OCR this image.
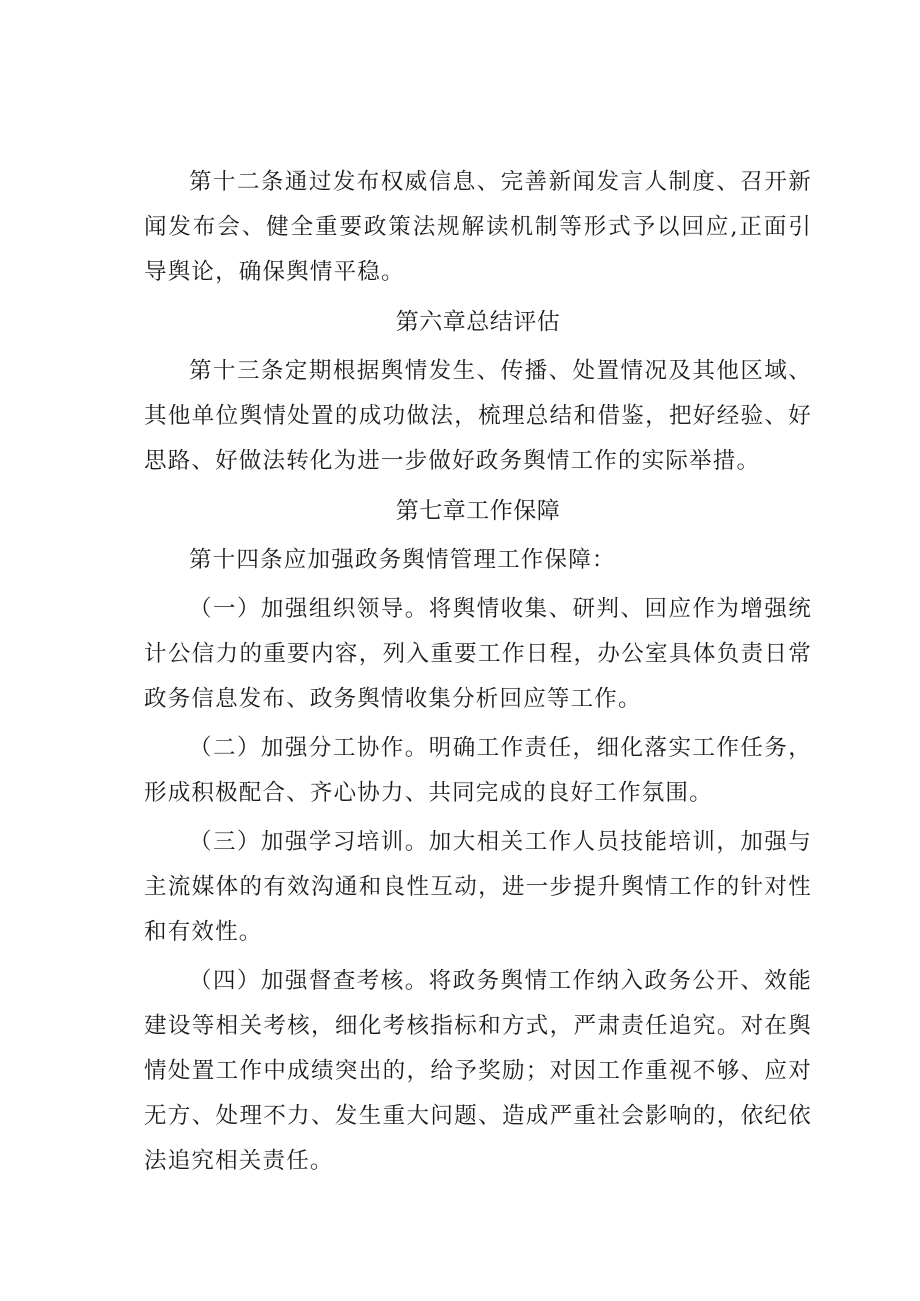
第十二条通过发布权威信息、完善新闻发言人制度、召开新闻发布会、健全重要政策法规解读机制等形式予以回应,正面引导舆论，确保舆情平稳。

第六章总结评估

第十三条定期根据舆情发生、传播、处置情况及其他区域、其他单位舆情处置的成功做法，梳理总结和借鉴，把好经验、好思路、好做法转化为进一步做好政务舆情工作的实际举措。

第七章工作保障

第十四条应加强政务舆情管理工作保障：

（一）加强组织领导。将舆情收集、研判、回应作为增强统计公信力的重要内容，列入重要工作日程，办公室具体负责日常政务信息发布、政务舆情收集分析回应等工作。

（二）加强分工协作。明确工作责任，细化落实工作任务，形成积极配合、齐心协力、共同完成的良好工作氛围。

（三）加强学习培训。加大相关工作人员技能培训，加强与主流媒体的有效沟通和良性互动，进一步提升舆情工作的针对性和有效性。

（四）加强督查考核。将政务舆情工作纳入政务公开、效能建设等相关考核，细化考核指标和方式，严肃责任追究。对在舆情处置工作中成绩突出的，给予奖励；对因工作重视不够、应对无方、处理不力、发生重大问题、造成严重社会影响的，依纪依法追究相关责任。
